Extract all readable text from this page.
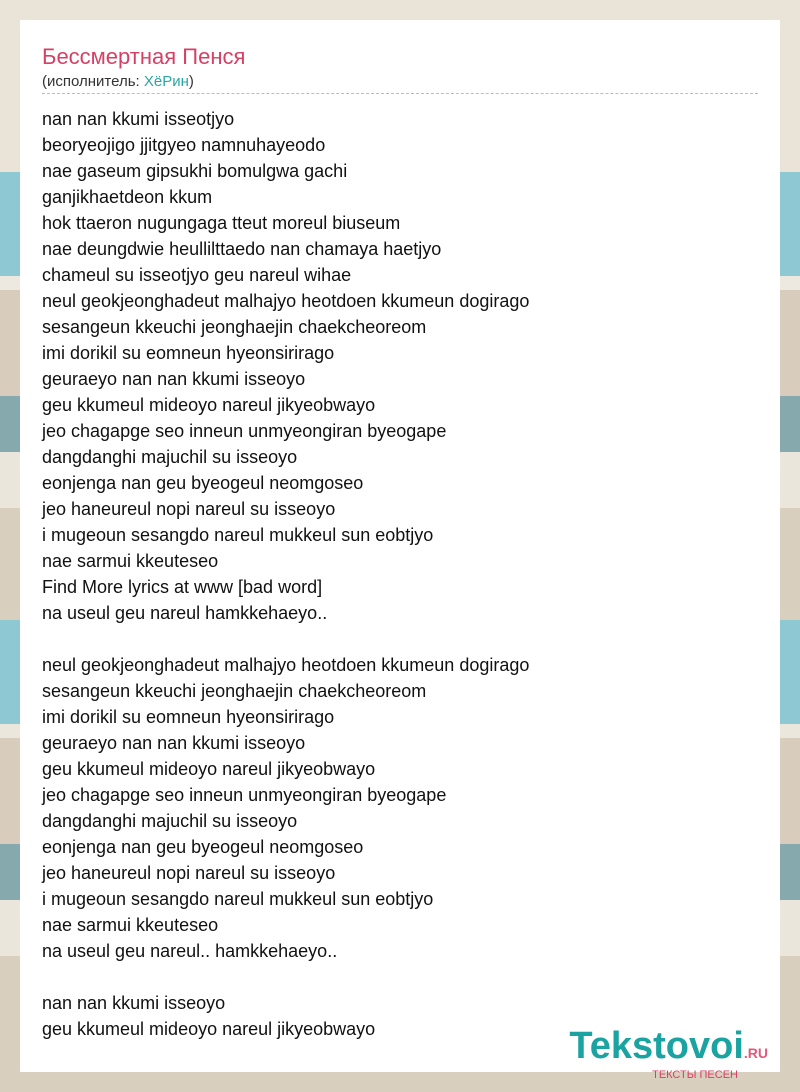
Бессмертная Пенся
(исполнитель: ХёРин)
nan nan kkumi isseotjyo
beoryeojigo jjitgyeo namnuhayeodo
nae gaseum gipsukhi bomulgwa gachi
ganjikhaetdeon kkum
hok ttaeron nugungaga tteut moreul biuseum
nae deungdwie heullilttaedo nan chamaya haetjyo
chameul su isseotjyo geu nareul wihae
neul geokjeonghadeut malhajyo heotdoen kkumeun dogirago
sesangeun kkeuchi jeonghaejin chaekcheoreom
imi dorikil su eomneun hyeonsirirago
geuraeyo nan nan kkumi isseoyo
geu kkumeul mideoyo nareul jikyeobwayo
jeo chagapge seo inneun unmyeongiran byeogape
dangdanghi majuchil su isseoyo
eonjenga nan geu byeogeul neomgoseo
jeo haneureul nopi nareul su isseoyo
i mugeoun sesangdo nareul mukkeul sun eobtjyo
nae sarmui kkeuteseo
Find More lyrics at www [bad word]
na useul geu nareul hamkkehaeyo..
neul geokjeonghadeut malhajyo heotdoen kkumeun dogirago
sesangeun kkeuchi jeonghaejin chaekcheoreom
imi dorikil su eomneun hyeonsirirago
geuraeyo nan nan kkumi isseoyo
geu kkumeul mideoyo nareul jikyeobwayo
jeo chagapge seo inneun unmyeongiran byeogape
dangdanghi majuchil su isseoyo
eonjenga nan geu byeogeul neomgoseo
jeo haneureul nopi nareul su isseoyo
i mugeoun sesangdo nareul mukkeul sun eobtjyo
nae sarmui kkeuteseo
na useul geu nareul.. hamkkehaeyo..
nan nan kkumi isseoyo
geu kkumeul mideoyo nareul jikyeobwayo	Tekstovoi.RU
ТЕКСТЫ ПЕСЕН
